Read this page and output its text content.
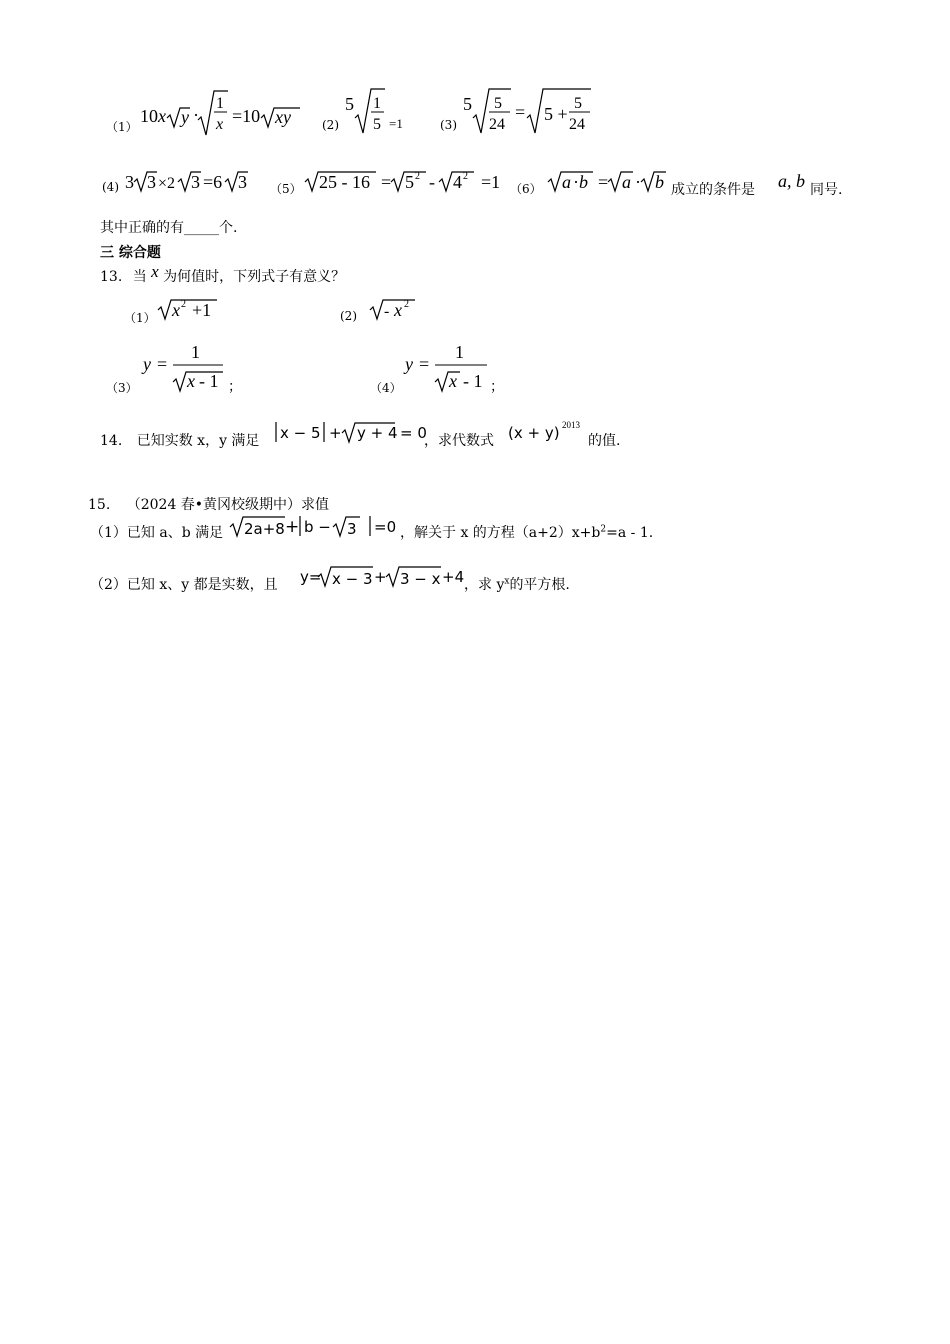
（1）
10x y ·
1
x =10 xy	(2)
5 1
5 =1	(3)
5 5
24
= 5 +
5
24
(4) 3 3 ×2 3 =6 3 （5） 25 - 16 = 5 2 - 4 2 =1 （6） a · b = a · b 成立的条件是 a, b 同号.
其中正确的有_____个.
三 综合题
13. 当 x 为何值时，下列式子有意义？
（1） x 2 +1	(2) - x 2
（3）
y =
1
x - 1 ；	（4）
y =
1
x - 1 ；
14. 已知实数 x，y 满足 x − 5 + y + 4 = 0
，求代数式 (x + y) 2013
的值.
15. （2024 春•黄冈校级期中）求值
（1）已知 a、b 满足 2a+8 + b − 3 =0 ，解关于 x 的方程$(a+2)x+b^2=a - 1$.
（2）已知 x、y 都是实数，且 y= x − 3 + 3 − x +4 ，求 $y^x$的平方根.
